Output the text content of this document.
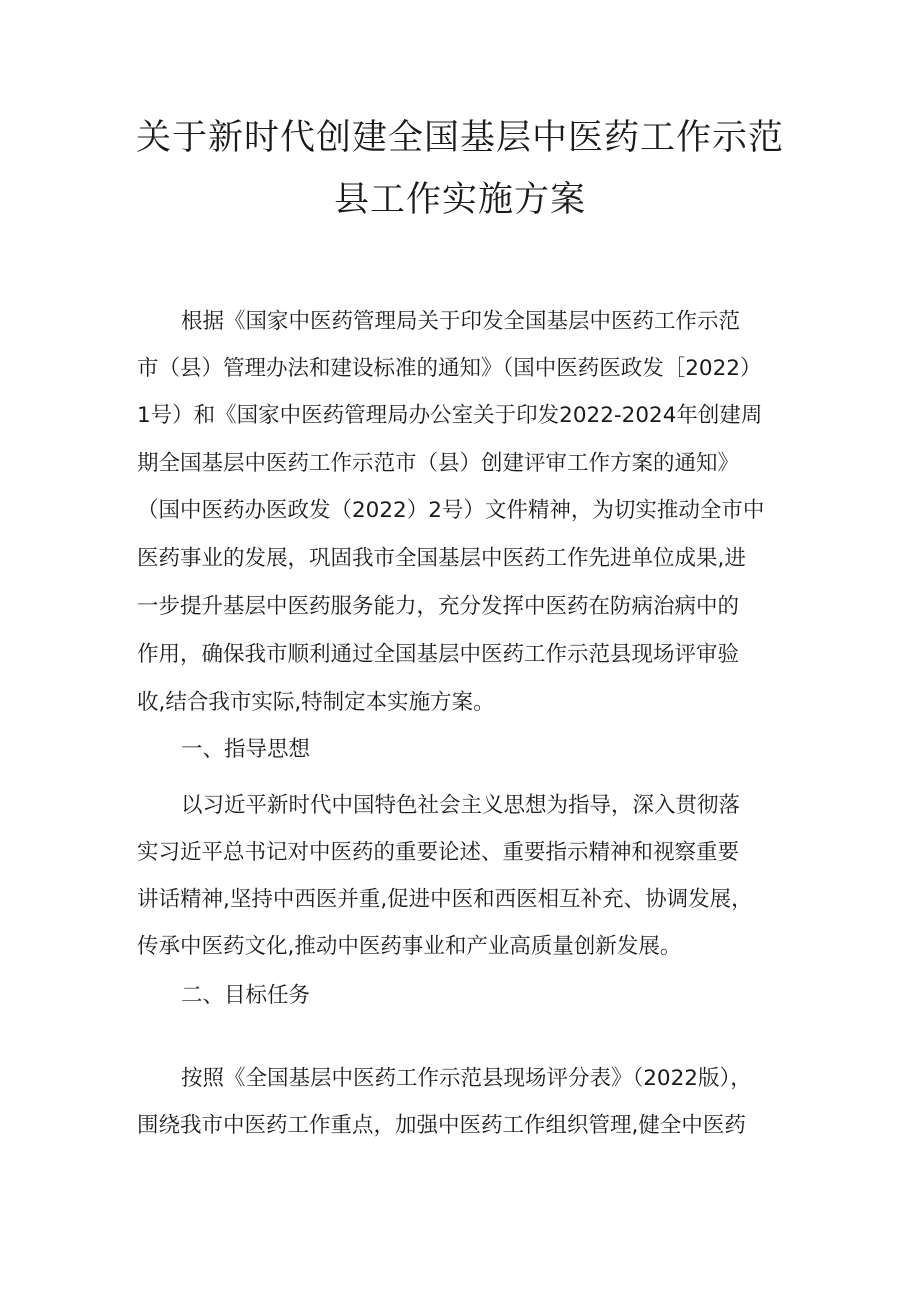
关于新时代创建全国基层中医药工作示范
县工作实施方案

根据《国家中医药管理局关于印发全国基层中医药工作示范

市（县）管理办法和建设标准的通知》（国中医药医政发［2022）

1号）和《国家中医药管理局办公室关于印发2022-2024年创建周

期全国基层中医药工作示范市（县）创建评审工作方案的通知》

（国中医药办医政发（2022）2号）文件精神，为切实推动全市中

医药事业的发展，巩固我市全国基层中医药工作先进单位成果,进

一步提升基层中医药服务能力，充分发挥中医药在防病治病中的

作用，确保我市顺利通过全国基层中医药工作示范县现场评审验

收,结合我市实际,特制定本实施方案。

一、指导思想

以习近平新时代中国特色社会主义思想为指导，深入贯彻落

实习近平总书记对中医药的重要论述、重要指示精神和视察重要

讲话精神,坚持中西医并重,促进中医和西医相互补充、协调发展，

传承中医药文化,推动中医药事业和产业高质量创新发展。

二、目标任务

按照《全国基层中医药工作示范县现场评分表》（2022版），

围绕我市中医药工作重点，加强中医药工作组织管理,健全中医药
